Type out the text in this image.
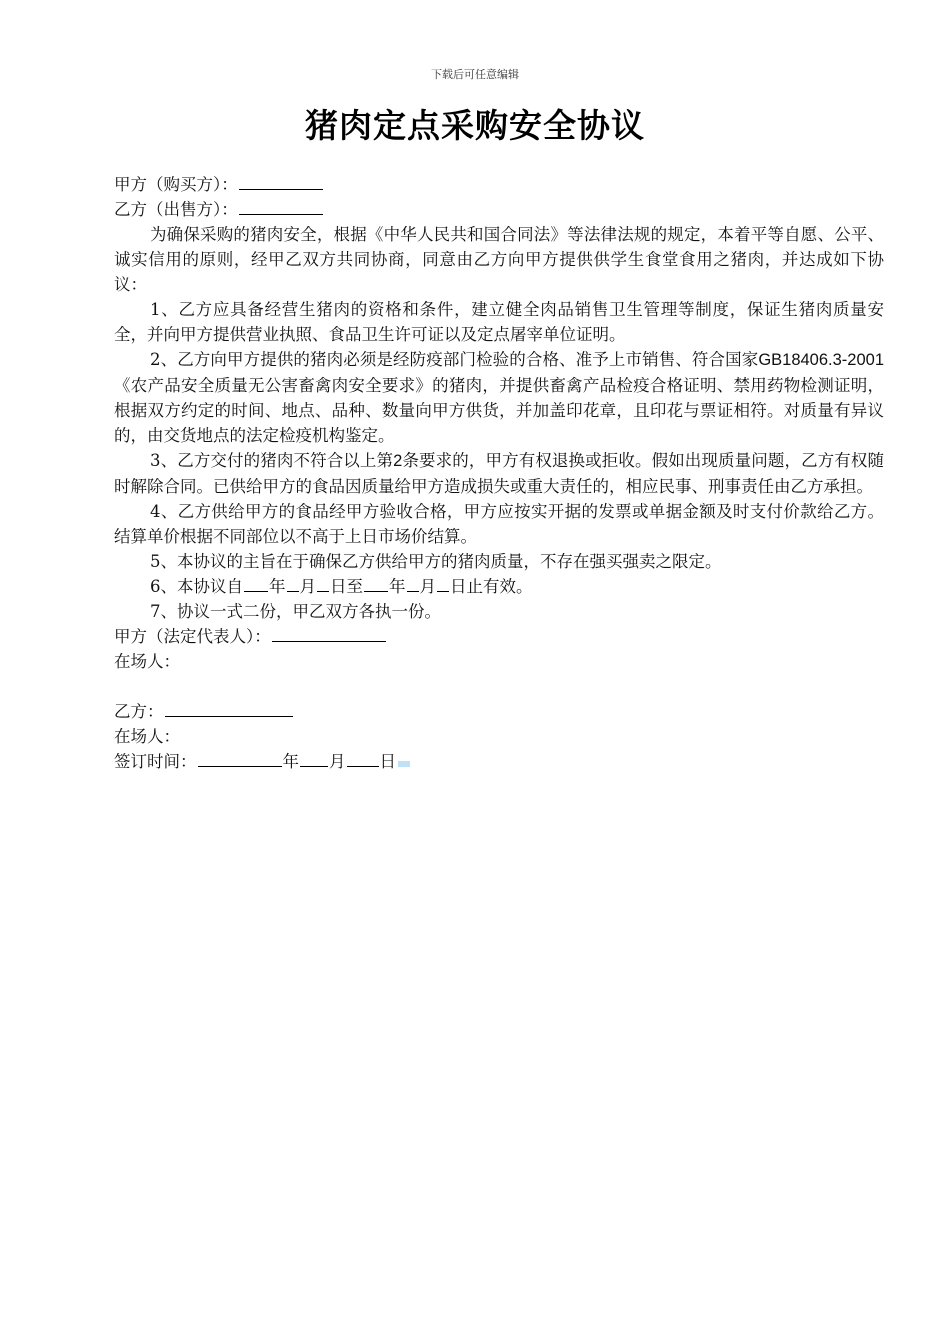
下载后可任意编辑
猪肉定点采购安全协议
甲方（购买方）：
乙方（出售方）：
为确保采购的猪肉安全，根据《中华人民共和国合同法》等法律法规的规定，本着平等自愿、公平、诚实信用的原则，经甲乙双方共同协商，同意由乙方向甲方提供供学生食堂食用之猪肉，并达成如下协议：
1、乙方应具备经营生猪肉的资格和条件，建立健全肉品销售卫生管理等制度，保证生猪肉质量安全，并向甲方提供营业执照、食品卫生许可证以及定点屠宰单位证明。
2、乙方向甲方提供的猪肉必须是经防疫部门检验的合格、准予上市销售、符合国家GB18406.3-2001《农产品安全质量无公害畜禽肉安全要求》的猪肉，并提供畜禽产品检疫合格证明、禁用药物检测证明，根据双方约定的时间、地点、品种、数量向甲方供货，并加盖印花章，且印花与票证相符。对质量有异议的，由交货地点的法定检疫机构鉴定。
3、乙方交付的猪肉不符合以上第2条要求的，甲方有权退换或拒收。假如出现质量问题，乙方有权随时解除合同。已供给甲方的食品因质量给甲方造成损失或重大责任的，相应民事、刑事责任由乙方承担。
4、乙方供给甲方的食品经甲方验收合格，甲方应按实开据的发票或单据金额及时支付价款给乙方。结算单价根据不同部位以不高于上日市场价结算。
5、本协议的主旨在于确保乙方供给甲方的猪肉质量，不存在强买强卖之限定。
6、本协议自 年 月 日至 年 月 日止有效。
7、协议一式二份，甲乙双方各执一份。
甲方（法定代表人）：
在场人：
乙方：
在场人：
签订时间：	年 月 日
